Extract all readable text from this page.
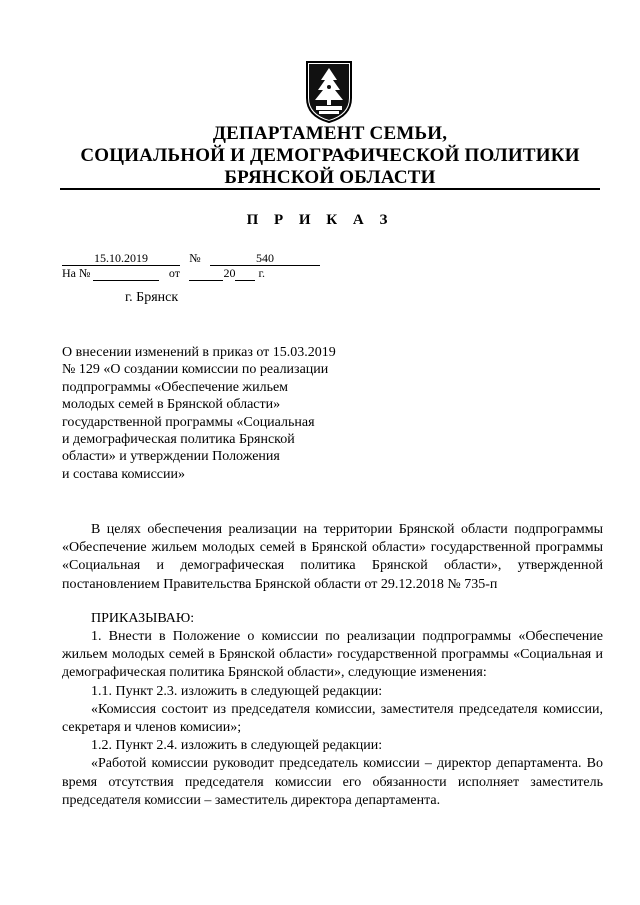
ДЕПАРТАМЕНТ СЕМЬИ,
СОЦИАЛЬНОЙ И ДЕМОГРАФИЧЕСКОЙ ПОЛИТИКИ
БРЯНСКОЙ ОБЛАСТИ
П Р И К А З
15.10.2019	№	540
На №	от	20 г.
г. Брянск
О внесении изменений в приказ от 15.03.2019
№ 129 «О создании комиссии по реализации
подпрограммы «Обеспечение жильем
молодых семей в Брянской области»
государственной программы «Социальная
и демографическая политика Брянской
области» и утверждении Положения
и состава комиссии»

В целях обеспечения реализации на территории Брянской области подпрограммы «Обеспечение жильем молодых семей в Брянской области» государственной программы «Социальная и демографическая политика Брянской области», утвержденной постановлением Правительства Брянской области от 29.12.2018 № 735-п

ПРИКАЗЫВАЮ:

1. Внести в Положение о комиссии по реализации подпрограммы «Обеспечение жильем молодых семей в Брянской области» государственной программы «Социальная и демографическая политика Брянской области», следующие изменения:

1.1. Пункт 2.3. изложить в следующей редакции:

«Комиссия состоит из председателя комиссии, заместителя председателя комиссии, секретаря и членов комисии»;

1.2. Пункт 2.4. изложить в следующей редакции:

«Работой комиссии руководит председатель комиссии – директор департамента. Во время отсутствия председателя комиссии его обязанности исполняет заместитель председателя комиссии – заместитель директора департамента.
